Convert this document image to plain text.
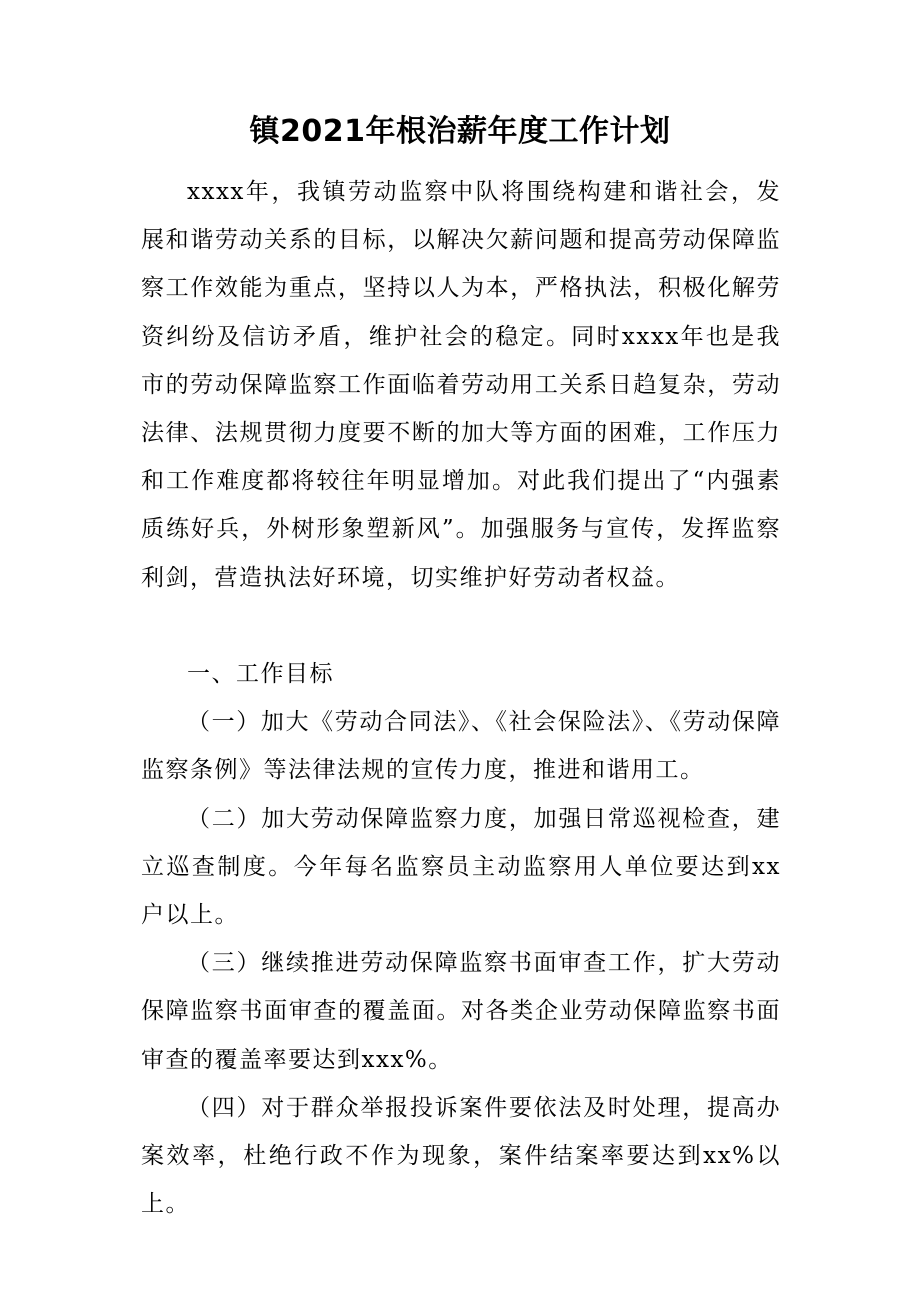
镇2021年根治薪年度工作计划

xxxx年，我镇劳动监察中队将围绕构建和谐社会，发展和谐劳动关系的目标，以解决欠薪问题和提高劳动保障监察工作效能为重点，坚持以人为本，严格执法，积极化解劳资纠纷及信访矛盾，维护社会的稳定。同时xxxx年也是我市的劳动保障监察工作面临着劳动用工关系日趋复杂，劳动法律、法规贯彻力度要不断的加大等方面的困难，工作压力和工作难度都将较往年明显增加。对此我们提出了“内强素质练好兵，外树形象塑新风”。加强服务与宣传，发挥监察利剑，营造执法好环境，切实维护好劳动者权益。

一、工作目标

（一）加大《劳动合同法》、《社会保险法》、《劳动保障监察条例》等法律法规的宣传力度，推进和谐用工。

（二）加大劳动保障监察力度，加强日常巡视检查，建立巡查制度。今年每名监察员主动监察用人单位要达到xx户以上。

（三）继续推进劳动保障监察书面审查工作，扩大劳动保障监察书面审查的覆盖面。对各类企业劳动保障监察书面审查的覆盖率要达到xxx%。

（四）对于群众举报投诉案件要依法及时处理，提高办案效率，杜绝行政不作为现象，案件结案率要达到xx%以上。
